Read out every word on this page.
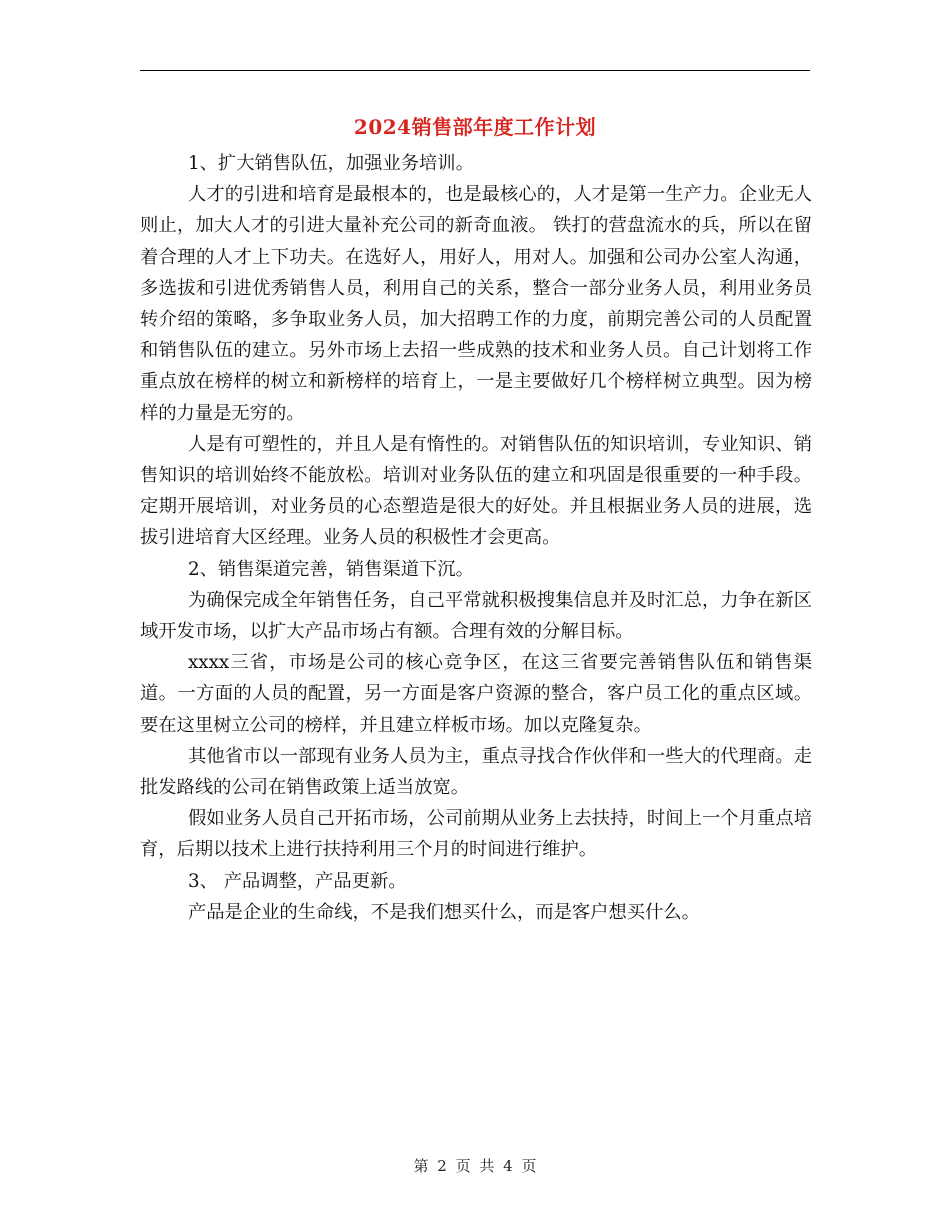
2024销售部年度工作计划

1、扩大销售队伍，加强业务培训。

人才的引进和培育是最根本的，也是最核心的，人才是第一生产力。企业无人则止，加大人才的引进大量补充公司的新奇血液。 铁打的营盘流水的兵，所以在留着合理的人才上下功夫。在选好人，用好人，用对人。加强和公司办公室人沟通，多选拔和引进优秀销售人员，利用自己的关系，整合一部分业务人员，利用业务员转介绍的策略，多争取业务人员，加大招聘工作的力度，前期完善公司的人员配置和销售队伍的建立。另外市场上去招一些成熟的技术和业务人员。自己计划将工作重点放在榜样的树立和新榜样的培育上，一是主要做好几个榜样树立典型。因为榜样的力量是无穷的。

人是有可塑性的，并且人是有惰性的。对销售队伍的知识培训，专业知识、销售知识的培训始终不能放松。培训对业务队伍的建立和巩固是很重要的一种手段。定期开展培训，对业务员的心态塑造是很大的好处。并且根据业务人员的进展，选拔引进培育大区经理。业务人员的积极性才会更高。

2、销售渠道完善，销售渠道下沉。

为确保完成全年销售任务，自己平常就积极搜集信息并及时汇总，力争在新区域开发市场，以扩大产品市场占有额。合理有效的分解目标。

xxxx三省，市场是公司的核心竞争区，在这三省要完善销售队伍和销售渠道。一方面的人员的配置，另一方面是客户资源的整合，客户员工化的重点区域。要在这里树立公司的榜样，并且建立样板市场。加以克隆复杂。

其他省市以一部现有业务人员为主，重点寻找合作伙伴和一些大的代理商。走批发路线的公司在销售政策上适当放宽。

假如业务人员自己开拓市场，公司前期从业务上去扶持，时间上一个月重点培育，后期以技术上进行扶持利用三个月的时间进行维护。

3、 产品调整，产品更新。

产品是企业的生命线，不是我们想买什么，而是客户想买什么。

第 2 页 共 4 页
